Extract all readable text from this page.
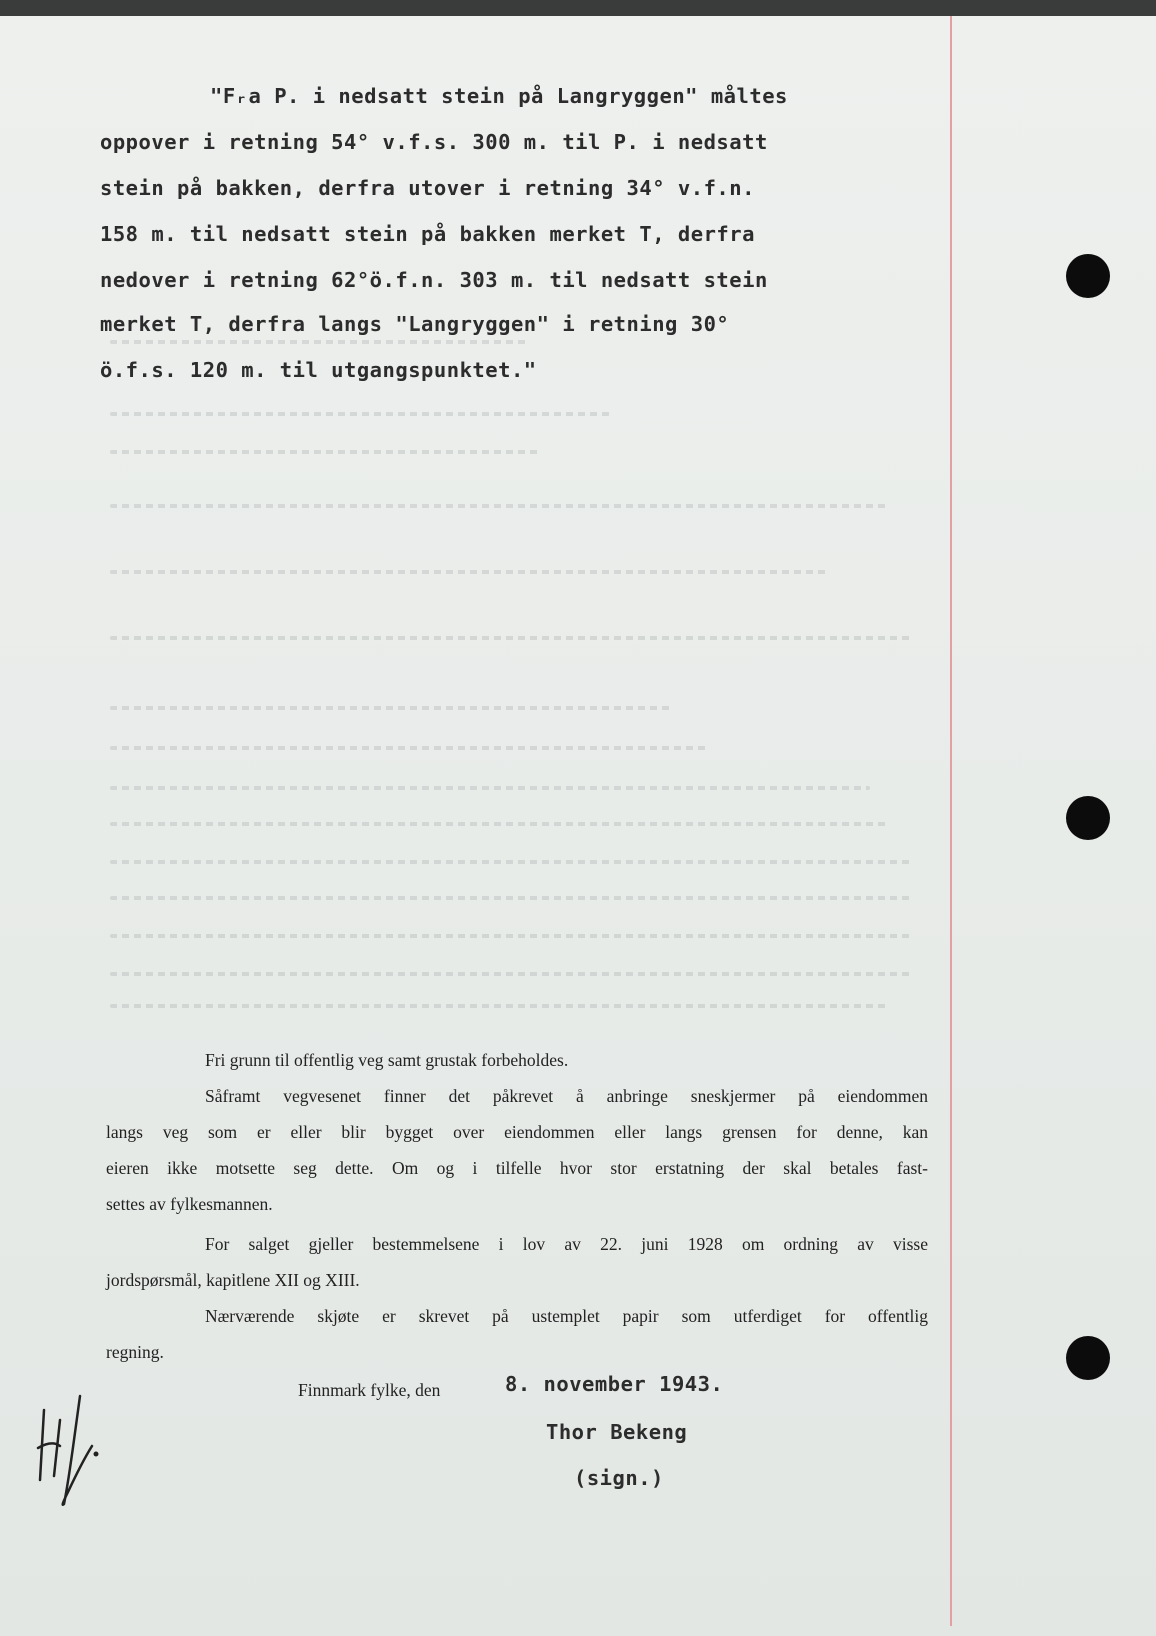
"Fᵣa P. i nedsatt stein på Langryggen" måltes
oppover i retning 54° v.f.s. 300 m. til P. i nedsatt
stein på bakken, derfra utover i retning 34° v.f.n.
158 m. til nedsatt stein på bakken merket T, derfra
nedover i retning 62°ö.f.n. 303 m. til nedsatt stein
merket T, derfra langs "Langryggen" i retning 30°
ö.f.s. 120 m. til utgangspunktet."
Fri grunn til offentlig veg samt grustak forbeholdes.
Såframt vegvesenet finner det påkrevet å anbringe sneskjermer på eiendommen
langs veg som er eller blir bygget over eiendommen eller langs grensen for denne, kan
eieren ikke motsette seg dette. Om og i tilfelle hvor stor erstatning der skal betales fast-
settes av fylkesmannen.
For salget gjeller bestemmelsene i lov av 22. juni 1928 om ordning av visse
jordspørsmål, kapitlene XII og XIII.
Nærværende skjøte er skrevet på ustemplet papir som utferdiget for offentlig
regning.
Finnmark fylke, den	8. november 1943.
Thor Bekeng
(sign.)
